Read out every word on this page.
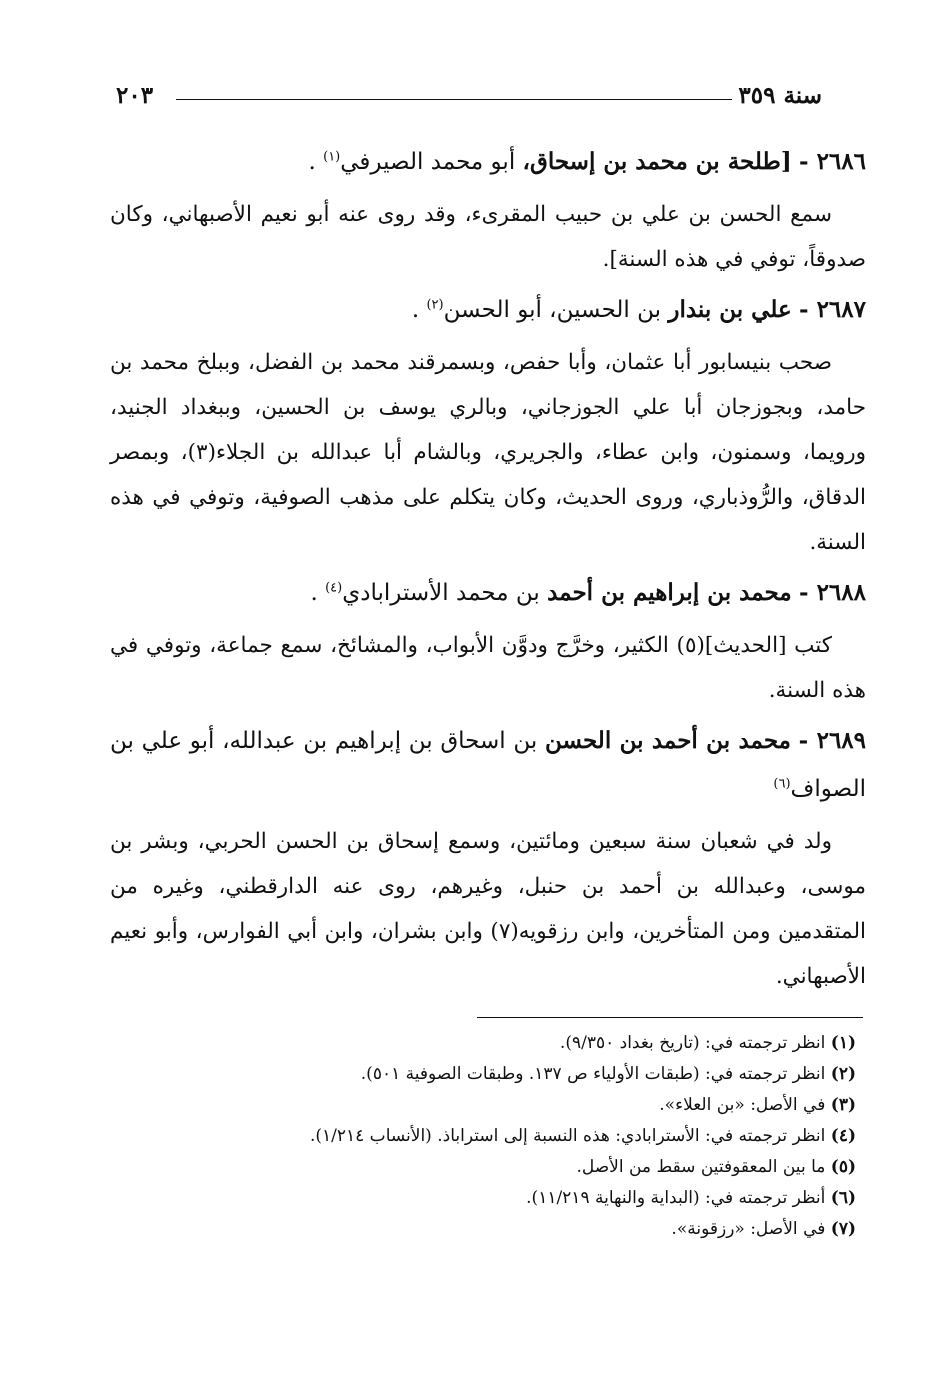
سنة ٣٥٩
٢٠٣

٢٦٨٦ - [طلحة بن محمد بن إسحاق، أبو محمد الصيرفي$^{(١)}$ .

سمع الحسن بن علي بن حبيب المقرىء، وقد روى عنه أبو نعيم الأصبهاني، وكان صدوقاً، توفي في هذه السنة].

٢٦٨٧ - علي بن بندار بن الحسين، أبو الحسن$^{(٢)}$ .

صحب بنيسابور أبا عثمان، وأبا حفص، وبسمرقند محمد بن الفضل، وببلخ محمد بن حامد، وبجوزجان أبا علي الجوزجاني، وبالري يوسف بن الحسين، وببغداد الجنيد، ورويما، وسمنون، وابن عطاء، والجريري، وبالشام أبا عبدالله بن الجلاء(٣)، وبمصر الدقاق، والرُّوذباري، وروى الحديث، وكان يتكلم على مذهب الصوفية، وتوفي في هذه السنة.

٢٦٨٨ - محمد بن إبراهيم بن أحمد بن محمد الأسترابادي$^{(٤)}$ .

كتب [الحديث](٥) الكثير، وخرَّج ودوَّن الأبواب، والمشائخ، سمع جماعة، وتوفي في هذه السنة.

٢٦٨٩ - محمد بن أحمد بن الحسن بن اسحاق بن إبراهيم بن عبدالله، أبو علي بن الصواف$^{(٦)}$

ولد في شعبان سنة سبعين ومائتين، وسمع إسحاق بن الحسن الحربي، وبشر بن موسى، وعبدالله بن أحمد بن حنبل، وغيرهم، روى عنه الدارقطني، وغيره من المتقدمين ومن المتأخرين، وابن رزقويه(٧) وابن بشران، وابن أبي الفوارس، وأبو نعيم الأصبهاني.

(١) انظر ترجمته في: (تاريخ بغداد ٩/٣٥٠).
(٢) انظر ترجمته في: (طبقات الأولياء ص ١٣٧. وطبقات الصوفية ٥٠١).
(٣) في الأصل: «بن العلاء».
(٤) انظر ترجمته في: الأسترابادي: هذه النسبة إلى استراباذ. (الأنساب ١/٢١٤).
(٥) ما بين المعقوفتين سقط من الأصل.
(٦) أنظر ترجمته في: (البداية والنهاية ١١/٢١٩).
(٧) في الأصل: «رزقونة».
